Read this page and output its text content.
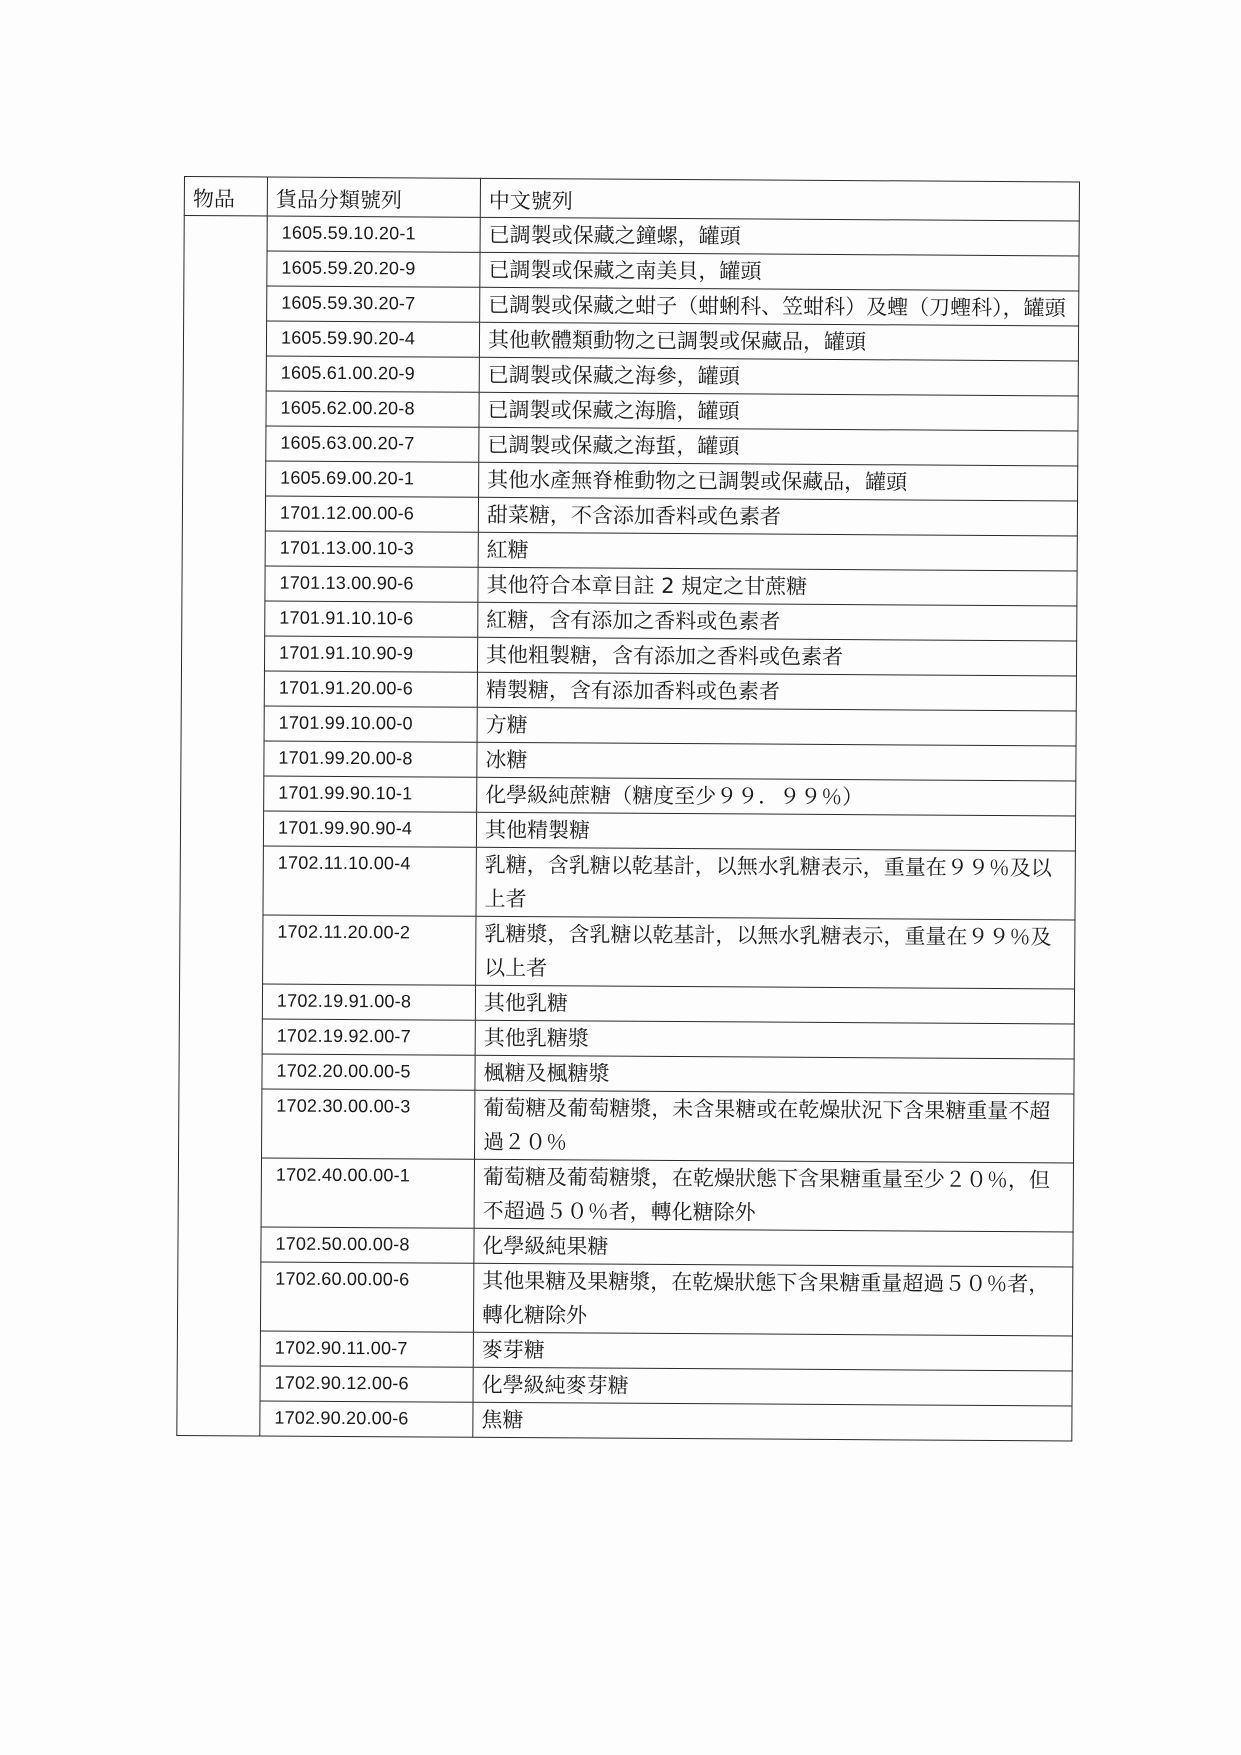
物品	貨品分類號列	中文號列
	1605.59.10.20-1	已調製或保藏之鐘螺，罐頭
	1605.59.20.20-9	已調製或保藏之南美貝，罐頭
	1605.59.30.20-7	已調製或保藏之蚶子（蚶蜊科、笠蚶科）及蟶（刀蟶科），罐頭
	1605.59.90.20-4	其他軟體類動物之已調製或保藏品，罐頭
	1605.61.00.20-9	已調製或保藏之海參，罐頭
	1605.62.00.20-8	已調製或保藏之海膽，罐頭
	1605.63.00.20-7	已調製或保藏之海蜇，罐頭
	1605.69.00.20-1	其他水產無脊椎動物之已調製或保藏品，罐頭
	1701.12.00.00-6	甜菜糖，不含添加香料或色素者
	1701.13.00.10-3	紅糖
	1701.13.00.90-6	其他符合本章目註 2 規定之甘蔗糖
	1701.91.10.10-6	紅糖，含有添加之香料或色素者
	1701.91.10.90-9	其他粗製糖，含有添加之香料或色素者
	1701.91.20.00-6	精製糖，含有添加香料或色素者
	1701.99.10.00-0	方糖
	1701.99.20.00-8	冰糖
	1701.99.90.10-1	化學級純蔗糖（糖度至少９９．９９％）
	1701.99.90.90-4	其他精製糖
	1702.11.10.00-4	乳糖，含乳糖以乾基計，以無水乳糖表示，重量在９９％及以上者
	1702.11.20.00-2	乳糖漿，含乳糖以乾基計，以無水乳糖表示，重量在９９％及以上者
	1702.19.91.00-8	其他乳糖
	1702.19.92.00-7	其他乳糖漿
	1702.20.00.00-5	楓糖及楓糖漿
	1702.30.00.00-3	葡萄糖及葡萄糖漿，未含果糖或在乾燥狀況下含果糖重量不超過２０％
	1702.40.00.00-1	葡萄糖及葡萄糖漿，在乾燥狀態下含果糖重量至少２０％，但不超過５０％者，轉化糖除外
	1702.50.00.00-8	化學級純果糖
	1702.60.00.00-6	其他果糖及果糖漿，在乾燥狀態下含果糖重量超過５０％者，轉化糖除外
	1702.90.11.00-7	麥芽糖
	1702.90.12.00-6	化學級純麥芽糖
	1702.90.20.00-6	焦糖
